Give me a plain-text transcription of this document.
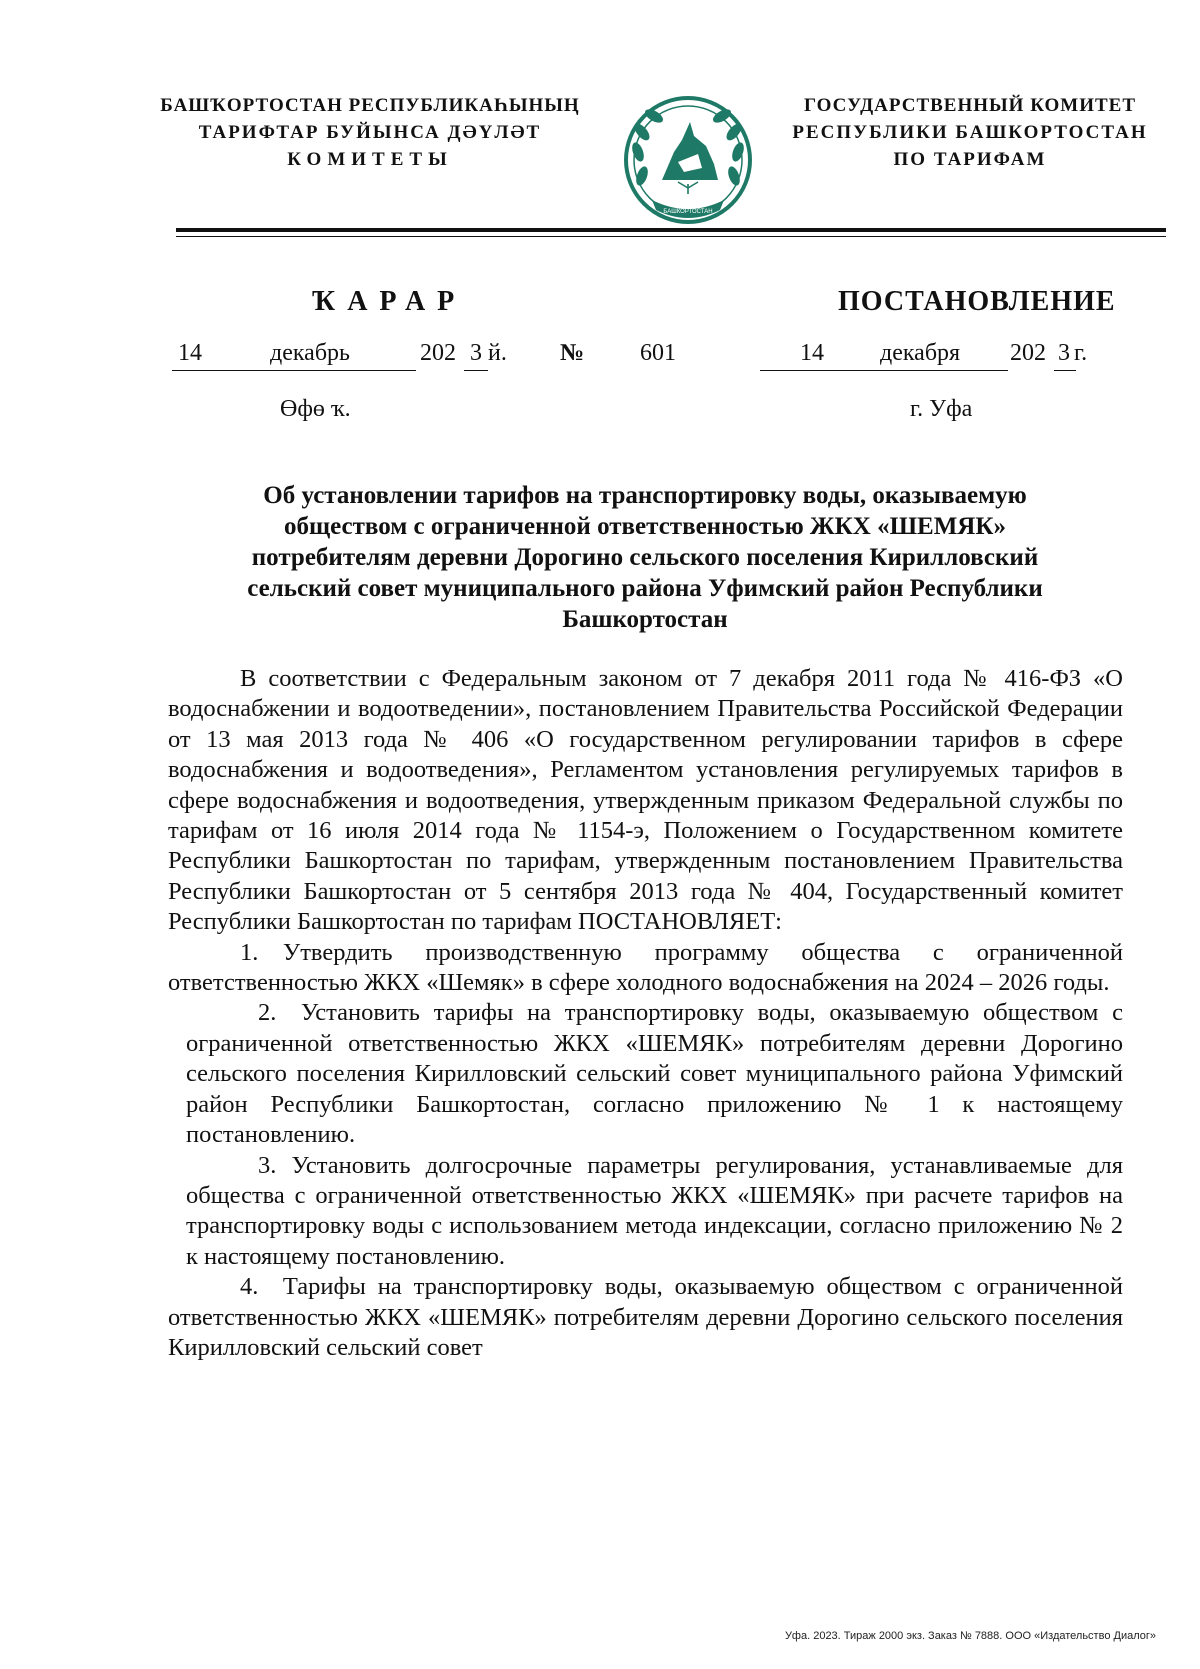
БАШҠОРТОСТАН РЕСПУБЛИКАҺЫНЫҢ
ТАРИФТАР БУЙЫНСА ДӘҮЛӘТ
КОМИТЕТЫ
БАШКОРТОСТАН
ГОСУДАРСТВЕННЫЙ КОМИТЕТ
РЕСПУБЛИКИ БАШКОРТОСТАН
ПО ТАРИФАМ
ҠАРАР	ПОСТАНОВЛЕНИЕ
14	декабрь	202 3 й. № 601	14 декабря 202 3 г.
Өфө ҡ.	г. Уфа
Об установлении тарифов на транспортировку воды, оказываемую
обществом с ограниченной ответственностью ЖКХ «ШЕМЯК»
потребителям деревни Дорогино сельского поселения Кирилловский
сельский совет муниципального района Уфимский район Республики
Башкортостан

В соответствии с Федеральным законом от 7 декабря 2011 года № 416-ФЗ «О водоснабжении и водоотведении», постановлением Правительства Российской Федерации от 13 мая 2013 года № 406 «О государственном регулировании тарифов в сфере водоснабжения и водоотведения», Регламентом установления регулируемых тарифов в сфере водоснабжения и водоотведения, утвержденным приказом Федеральной службы по тарифам от 16 июля 2014 года № 1154-э, Положением о Государственном комитете Республики Башкортостан по тарифам, утвержденным постановлением Правительства Республики Башкортостан от 5 сентября 2013 года № 404, Государственный комитет Республики Башкортостан по тарифам ПОСТАНОВЛЯЕТ:

1. Утвердить производственную программу общества с ограниченной ответственностью ЖКХ «Шемяк» в сфере холодного водоснабжения на 2024 – 2026 годы.

2. Установить тарифы на транспортировку воды, оказываемую обществом с ограниченной ответственностью ЖКХ «ШЕМЯК» потребителям деревни Дорогино сельского поселения Кирилловский сельский совет муниципального района Уфимский район Республики Башкортостан, согласно приложению № 1 к настоящему постановлению.

3. Установить долгосрочные параметры регулирования, устанавливаемые для общества с ограниченной ответственностью ЖКХ «ШЕМЯК» при расчете тарифов на транспортировку воды с использованием метода индексации, согласно приложению № 2 к настоящему постановлению.

4. Тарифы на транспортировку воды, оказываемую обществом с ограниченной ответственностью ЖКХ «ШЕМЯК» потребителям деревни Дорогино сельского поселения Кирилловский сельский совет

Уфа. 2023. Тираж 2000 экз. Заказ № 7888. ООО «Издательство Диалог»
